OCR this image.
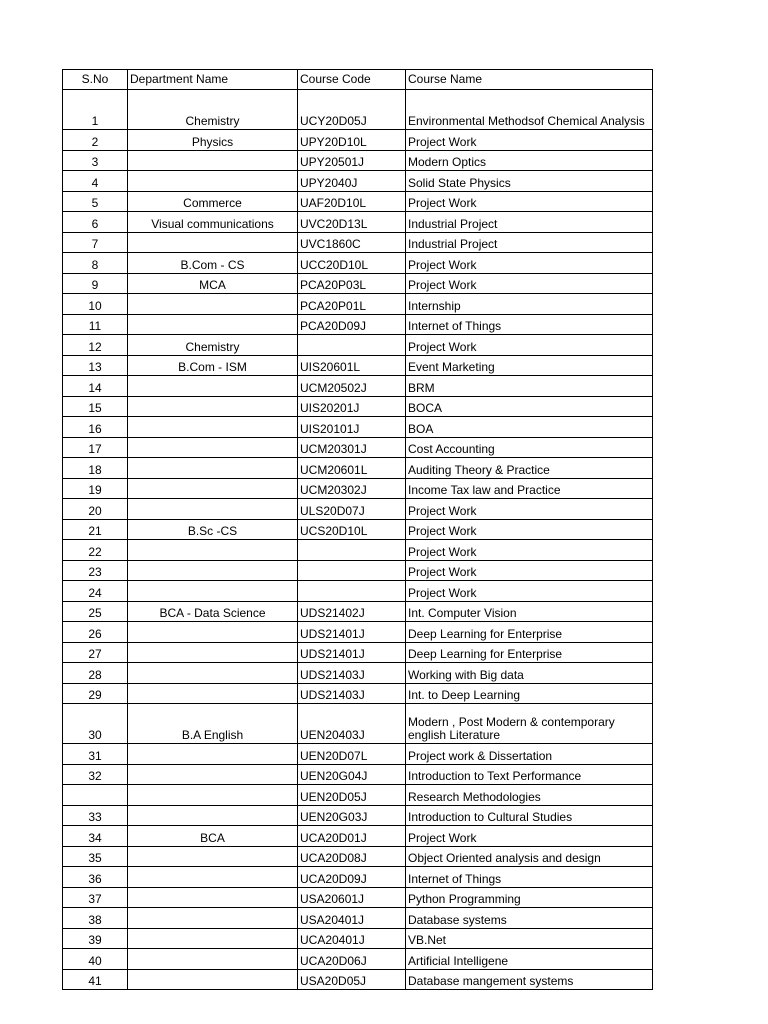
S.No	Department Name	Course Code	Course Name
1	Chemistry	UCY20D05J	Environmental Methodsof Chemical Analysis
2	Physics	UPY20D10L	Project Work
3		UPY20501J	Modern Optics
4		UPY2040J	Solid State Physics
5	Commerce	UAF20D10L	Project Work
6	Visual communications	UVC20D13L	Industrial Project
7		UVC1860C	Industrial Project
8	B.Com - CS	UCC20D10L	Project Work
9	MCA	PCA20P03L	Project Work
10		PCA20P01L	Internship
11		PCA20D09J	Internet of Things
12	Chemistry		Project Work
13	B.Com - ISM	UIS20601L	Event Marketing
14		UCM20502J	BRM
15		UIS20201J	BOCA
16		UIS20101J	BOA
17		UCM20301J	Cost Accounting
18		UCM20601L	Auditing Theory & Practice
19		UCM20302J	Income Tax law and Practice
20		ULS20D07J	Project Work
21	B.Sc -CS	UCS20D10L	Project Work
22			Project Work
23			Project Work
24			Project Work
25	BCA - Data Science	UDS21402J	Int. Computer Vision
26		UDS21401J	Deep Learning for Enterprise
27		UDS21401J	Deep Learning for Enterprise
28		UDS21403J	Working with Big data
29		UDS21403J	Int. to Deep Learning
30	B.A English	UEN20403J	Modern , Post Modern & contemporary english Literature
31		UEN20D07L	Project work & Dissertation
32		UEN20G04J	Introduction to Text Performance
		UEN20D05J	Research Methodologies
33		UEN20G03J	Introduction to Cultural Studies
34	BCA	UCA20D01J	Project Work
35		UCA20D08J	Object Oriented analysis and design
36		UCA20D09J	Internet of Things
37		USA20601J	Python Programming
38		USA20401J	Database systems
39		UCA20401J	VB.Net
40		UCA20D06J	Artificial Intelligene
41		USA20D05J	Database mangement systems
